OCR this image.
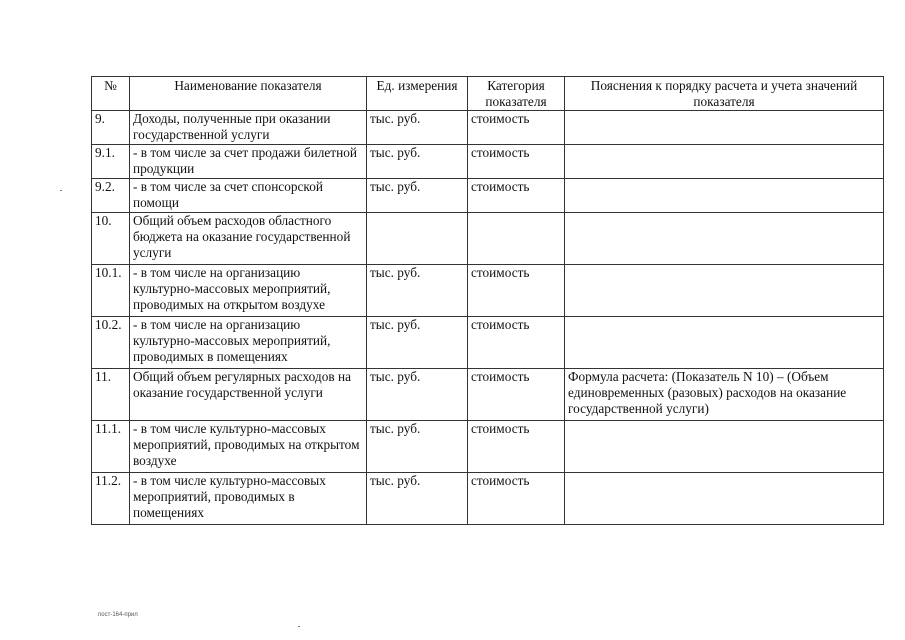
№	Наименование показателя	Ед. измерения	Категория показателя	Пояснения к порядку расчета и учета значений показателя
9.	Доходы, полученные при оказании государственной услуги	тыс. руб.	стоимость	
9.1.	- в том числе за счет продажи билетной продукции	тыс. руб.	стоимость	
9.2.	- в том числе за счет спонсорской помощи	тыс. руб.	стоимость	
10.	Общий объем расходов областного бюджета на оказание государственной услуги			
10.1.	- в том числе на организацию культурно-массовых мероприятий, проводимых на открытом воздухе	тыс. руб.	стоимость	
10.2.	- в том числе на организацию культурно-массовых мероприятий, проводимых в помещениях	тыс. руб.	стоимость	
11.	Общий объем регулярных расходов на оказание государственной услуги	тыс. руб.	стоимость	Формула расчета: (Показатель N 10) – (Объем единовременных (разовых) расходов на оказание государственной услуги)
11.1.	- в том числе культурно-массовых мероприятий, проводимых на открытом воздухе	тыс. руб.	стоимость	
11.2.	- в том числе культурно-массовых мероприятий, проводимых в помещениях	тыс. руб.	стоимость	
пост-164-прил
